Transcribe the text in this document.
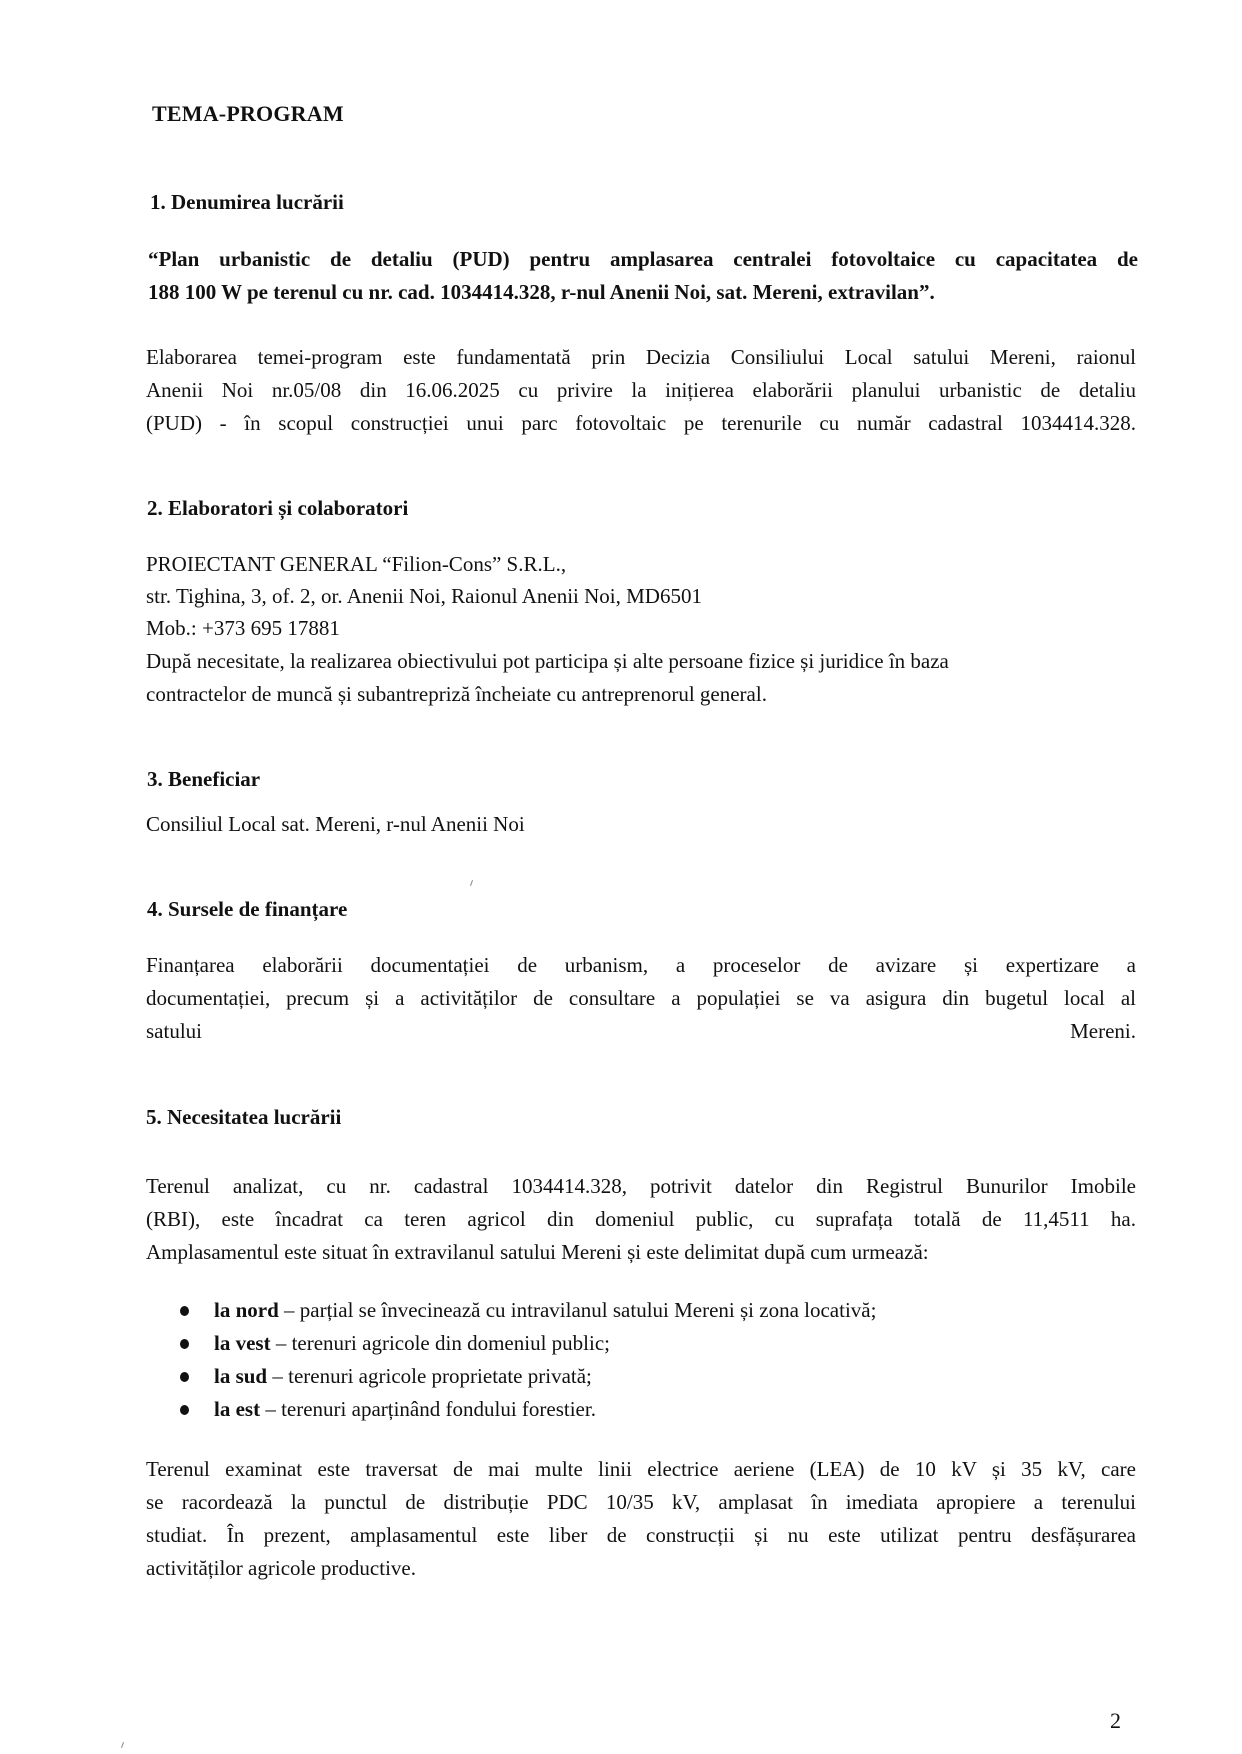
TEMA-PROGRAM
1. Denumirea lucrării
“Plan urbanistic de detaliu (PUD) pentru amplasarea centralei fotovoltaice cu capacitatea de
188 100 W pe terenul cu nr. cad. 1034414.328, r-nul Anenii Noi, sat. Mereni, extravilan”.
Elaborarea temei-program este fundamentată prin Decizia Consiliului Local satului Mereni, raionul
Anenii Noi nr.05/08 din 16.06.2025 cu privire la inițierea elaborării planului urbanistic de detaliu
(PUD) - în scopul construcției unui parc fotovoltaic pe terenurile cu număr cadastral 1034414.328.
2. Elaboratori și colaboratori
PROIECTANT GENERAL “Filion-Cons” S.R.L.,
str. Tighina, 3, of. 2, or. Anenii Noi, Raionul Anenii Noi, MD6501
Mob.: +373 695 17881
După necesitate, la realizarea obiectivului pot participa și alte persoane fizice și juridice în baza
contractelor de muncă și subantrepriză încheiate cu antreprenorul general.
3. Beneficiar
Consiliul Local sat. Mereni, r-nul Anenii Noi
4. Sursele de finanțare
Finanțarea elaborării documentației de urbanism, a proceselor de avizare și expertizare a
documentației, precum și a activităților de consultare a populației se va asigura din bugetul local al
satului	Mereni.
5. Necesitatea lucrării
Terenul analizat, cu nr. cadastral 1034414.328, potrivit datelor din Registrul Bunurilor Imobile
(RBI), este încadrat ca teren agricol din domeniul public, cu suprafața totală de 11,4511 ha.
Amplasamentul este situat în extravilanul satului Mereni și este delimitat după cum urmează:
la nord – parțial se învecinează cu intravilanul satului Mereni și zona locativă;
la vest – terenuri agricole din domeniul public;
la sud – terenuri agricole proprietate privată;
la est – terenuri aparținând fondului forestier.
Terenul examinat este traversat de mai multe linii electrice aeriene (LEA) de 10 kV și 35 kV, care
se racordează la punctul de distribuție PDC 10/35 kV, amplasat în imediata apropiere a terenului
studiat. În prezent, amplasamentul este liber de construcții și nu este utilizat pentru desfășurarea
activităților agricole productive.
2
